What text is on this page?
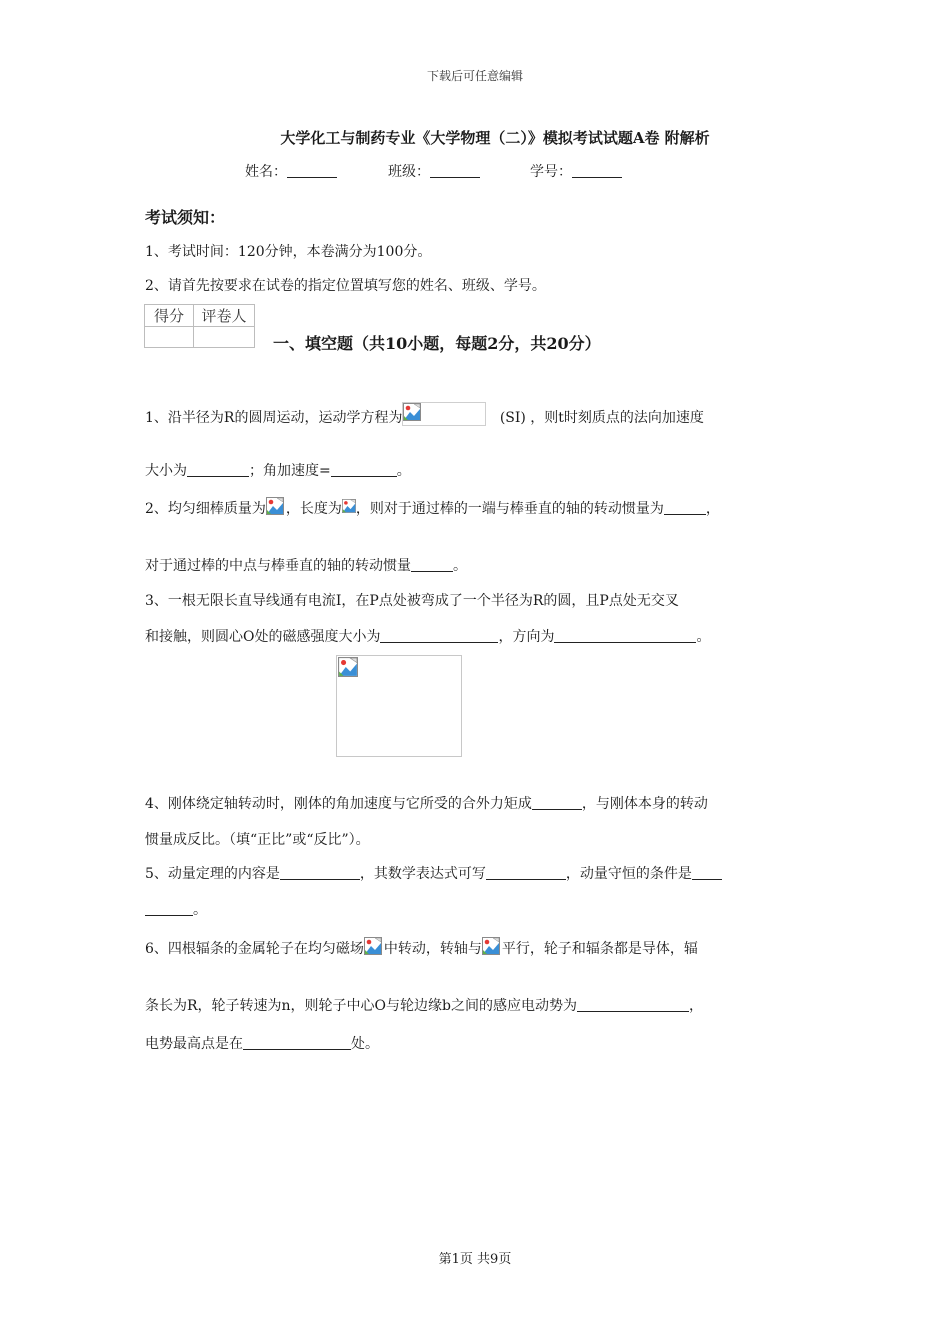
下载后可任意编辑
大学化工与制药专业《大学物理（二）》模拟考试试题A卷 附解析
姓名：	班级：	学号：
考试须知：
1、考试时间：120分钟，本卷满分为100分。
2、请首先按要求在试卷的指定位置填写您的姓名、班级、学号。
得分	评卷人

一、填空题（共10小题，每题2分，共20分）
1、沿半径为R的圆周运动，运动学方程为	(SI) ，则t时刻质点的法向加速度
大小为	；角加速度=	。
2、均匀细棒质量为 ，长度为 ，则对于通过棒的一端与棒垂直的轴的转动惯量为	，
对于通过棒的中点与棒垂直的轴的转动惯量	。
3、一根无限长直导线通有电流I，在P点处被弯成了一个半径为R的圆，且P点处无交叉
和接触，则圆心O处的磁感强度大小为	，方向为	。
4、刚体绕定轴转动时，刚体的角加速度与它所受的合外力矩成	，与刚体本身的转动
惯量成反比。（填“正比”或“反比”）。
5、动量定理的内容是	，其数学表达式可写	，动量守恒的条件是
。
6、四根辐条的金属轮子在均匀磁场 中转动，转轴与 平行，轮子和辐条都是导体，辐
条长为R，轮子转速为n，则轮子中心O与轮边缘b之间的感应电动势为	，
电势最高点是在	处。
第1页 共9页
